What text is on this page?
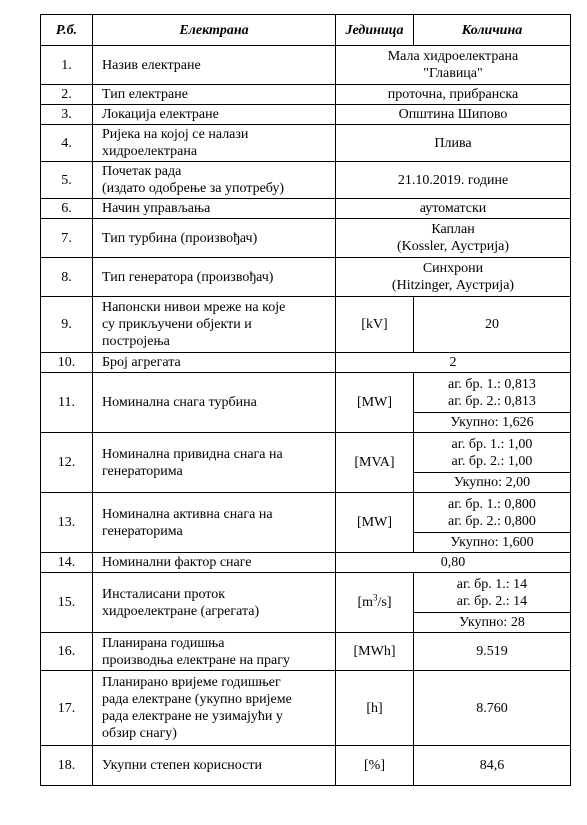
Р.б.	Електрана	Јединица	Количина
1.	Назив електране	Мала хидроелектрана
"Главица"	

2.	Тип електране	проточна, прибранска	
3.	Локација електране	Општина Шипово	
4.	Ријека на којој се налази
хидроелектрана	Плива	
5.	Почетак рада
(издато одобрење за употребу)	21.10.2019. године	
6.	Начин управљања	аутоматски	
7.	Тип турбина (произвођач)	Каплан
(Kossler, Аустрија)	

8.	Тип генератора (произвођач)	Синхрони
(Hitzinger, Аустрија)	

9.	Напонски нивои мреже на које
су прикључени објекти и
постројења	[kV]	20
10.	Број агрегата	2	
11.	Номинална снага турбина	[MW]	аг. бр. 1.: 0,813
аг. бр. 2.: 0,813

			Укупно: 1,626
12.	Номинална привидна снага на
генераторима	[MVA]	аг. бр. 1.: 1,00
аг. бр. 2.: 1,00

			Укупно: 2,00
13.	Номинална активна снага на
генераторима	[MW]	аг. бр. 1.: 0,800
аг. бр. 2.: 0,800

			Укупно: 1,600
14.	Номинални фактор снаге	0,80	
15.	Инсталисани проток
хидроелектране (агрегата)	$[m^3/s]$	аг. бр. 1.: 14
аг. бр. 2.: 14

			Укупно: 28
16.	Планирана годишња
производња електране на прагу	[MWh]	9.519
17.	Планирано вријеме годишњег
рада електране (укупно вријеме
рада електране не узимајући у
обзир снагу)	[h]	8.760
18.	Укупни степен корисности	[%]	84,6
